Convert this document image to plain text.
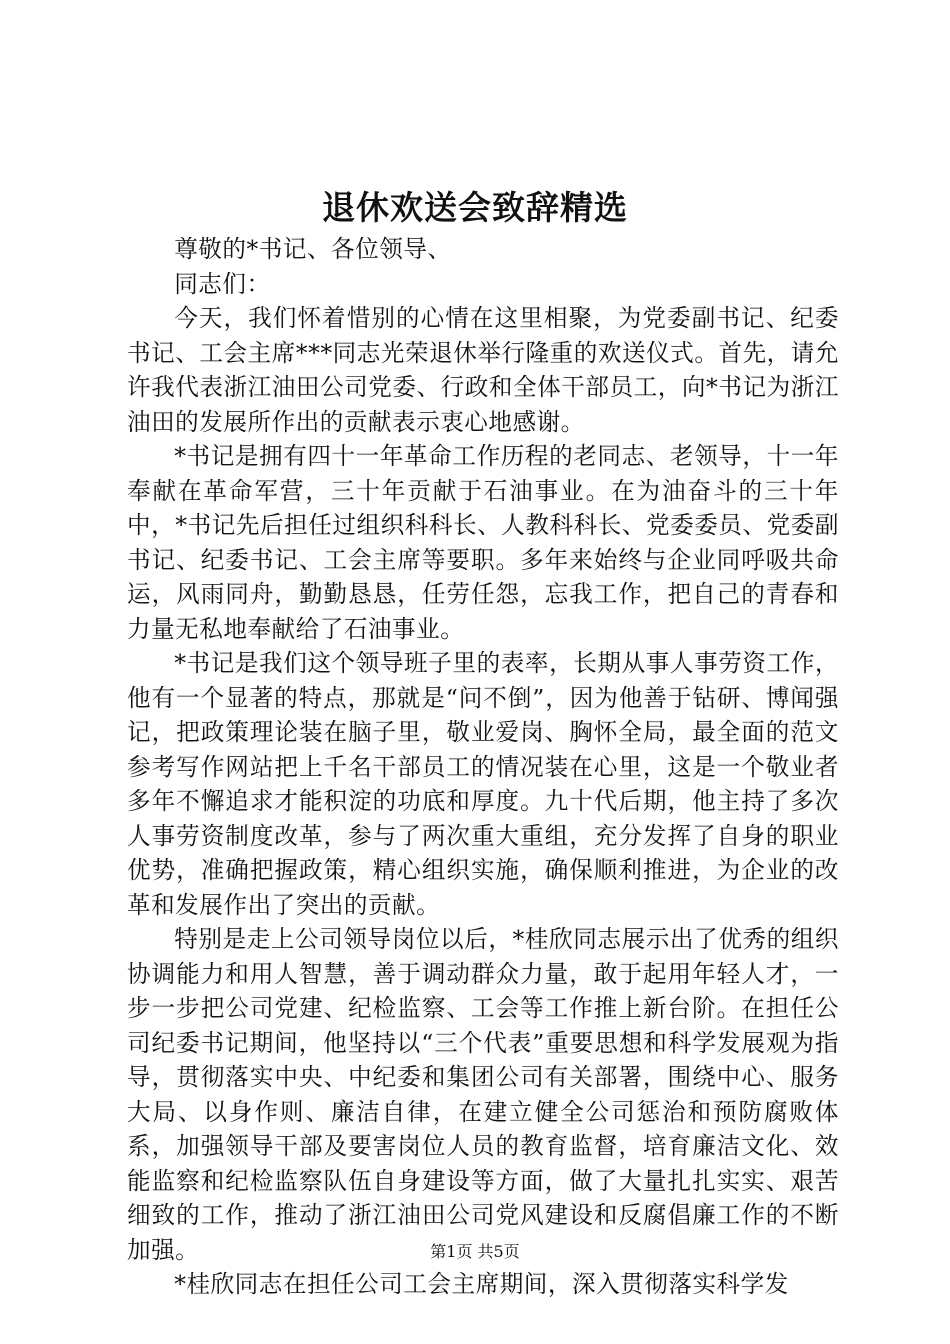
退休欢送会致辞精选

尊敬的*书记、各位领导、

同志们：

今天，我们怀着惜别的心情在这里相聚，为党委副书记、纪委书记、工会主席***同志光荣退休举行隆重的欢送仪式。首先，请允许我代表浙江油田公司党委、行政和全体干部员工，向*书记为浙江油田的发展所作出的贡献表示衷心地感谢。

*书记是拥有四十一年革命工作历程的老同志、老领导，十一年奉献在革命军营，三十年贡献于石油事业。在为油奋斗的三十年中，*书记先后担任过组织科科长、人教科科长、党委委员、党委副书记、纪委书记、工会主席等要职。多年来始终与企业同呼吸共命运，风雨同舟，勤勤恳恳，任劳任怨，忘我工作，把自己的青春和力量无私地奉献给了石油事业。

*书记是我们这个领导班子里的表率，长期从事人事劳资工作，他有一个显著的特点，那就是“问不倒”，因为他善于钻研、博闻强记，把政策理论装在脑子里，敬业爱岗、胸怀全局，最全面的范文参考写作网站把上千名干部员工的情况装在心里，这是一个敬业者多年不懈追求才能积淀的功底和厚度。九十代后期，他主持了多次人事劳资制度改革，参与了两次重大重组，充分发挥了自身的职业优势，准确把握政策，精心组织实施，确保顺利推进，为企业的改革和发展作出了突出的贡献。

特别是走上公司领导岗位以后，*桂欣同志展示出了优秀的组织协调能力和用人智慧，善于调动群众力量，敢于起用年轻人才，一步一步把公司党建、纪检监察、工会等工作推上新台阶。在担任公司纪委书记期间，他坚持以“三个代表”重要思想和科学发展观为指导，贯彻落实中央、中纪委和集团公司有关部署，围绕中心、服务大局、以身作则、廉洁自律，在建立健全公司惩治和预防腐败体系，加强领导干部及要害岗位人员的教育监督，培育廉洁文化、效能监察和纪检监察队伍自身建设等方面，做了大量扎扎实实、艰苦细致的工作，推动了浙江油田公司党风建设和反腐倡廉工作的不断加强。

*桂欣同志在担任公司工会主席期间，深入贯彻落实科学发

第1页 共5页
